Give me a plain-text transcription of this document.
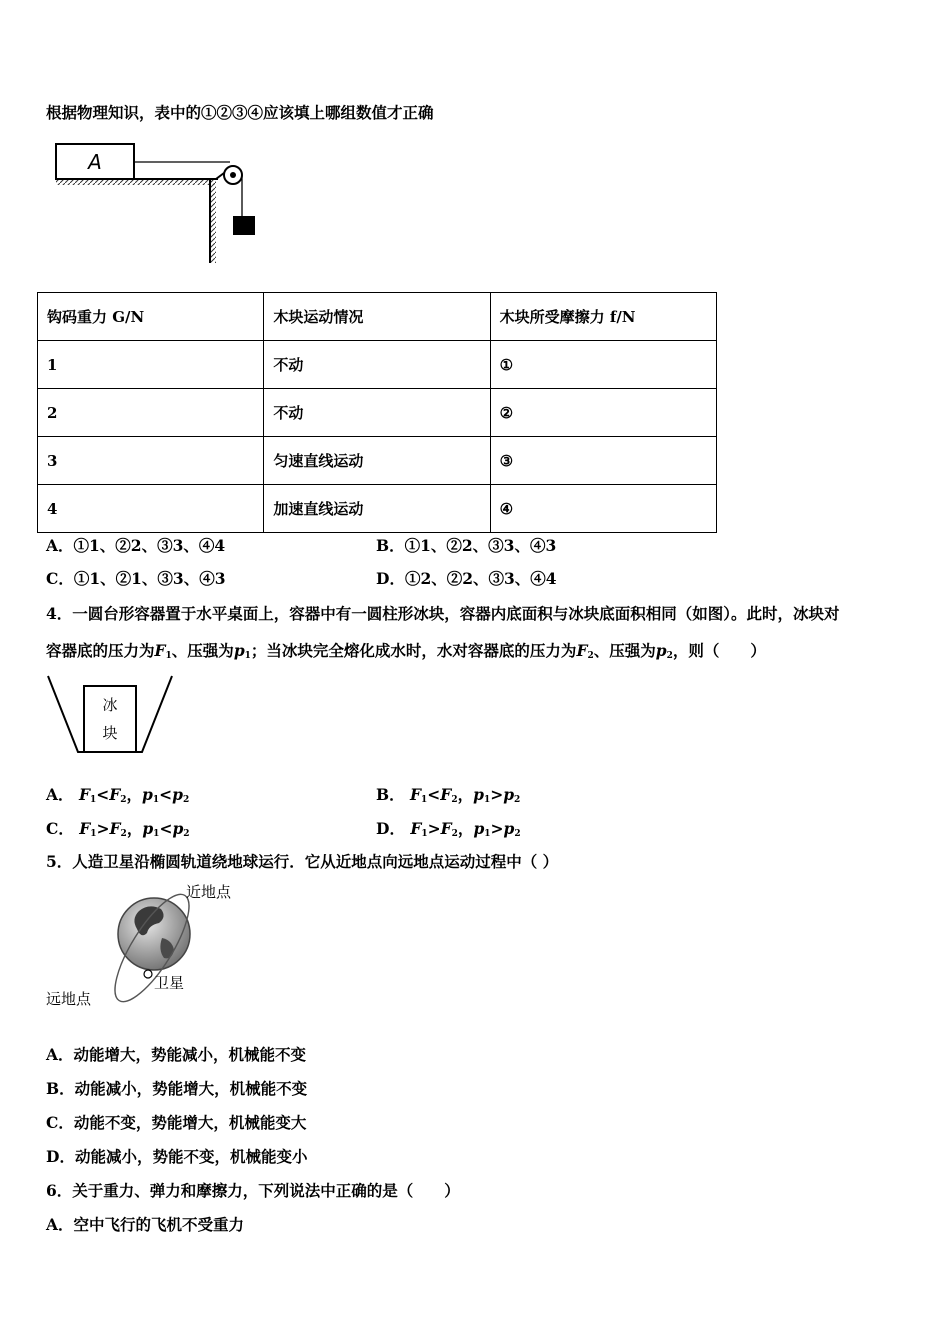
根据物理知识，表中的①②③④应该填上哪组数值才正确
A
钩码重力 G/N	木块运动情况	木块所受摩擦力 f/N
1	不动	①
2	不动	②
3	匀速直线运动	③
4	加速直线运动	④
A．①1、②2、③3、④4	B．①1、②2、③3、④3
C．①1、②1、③3、④3	D．①2、②2、③3、④4
4．一圆台形容器置于水平桌面上，容器中有一圆柱形冰块，容器内底面积与冰块底面积相同（如图）。此时，冰块对
容器底的压力为$F_1$、压强为$p_1$；当冰块完全熔化成水时，水对容器底的压力为$F_2$、压强为$p_2$，则（　　）
冰
块
A． $F_1<F_2$，$p_1<p_2$	B． $F_1<F_2$，$p_1>p_2$
C． $F_1>F_2$，$p_1<p_2$	D． $F_1>F_2$，$p_1>p_2$
5．人造卫星沿椭圆轨道绕地球运行．它从近地点向远地点运动过程中（ ）
近地点
卫星
远地点
A．动能增大，势能减小，机械能不变
B．动能减小，势能增大，机械能不变
C．动能不变，势能增大，机械能变大
D．动能减小，势能不变，机械能变小
6．关于重力、弹力和摩擦力，下列说法中正确的是（　　）
A．空中飞行的飞机不受重力
